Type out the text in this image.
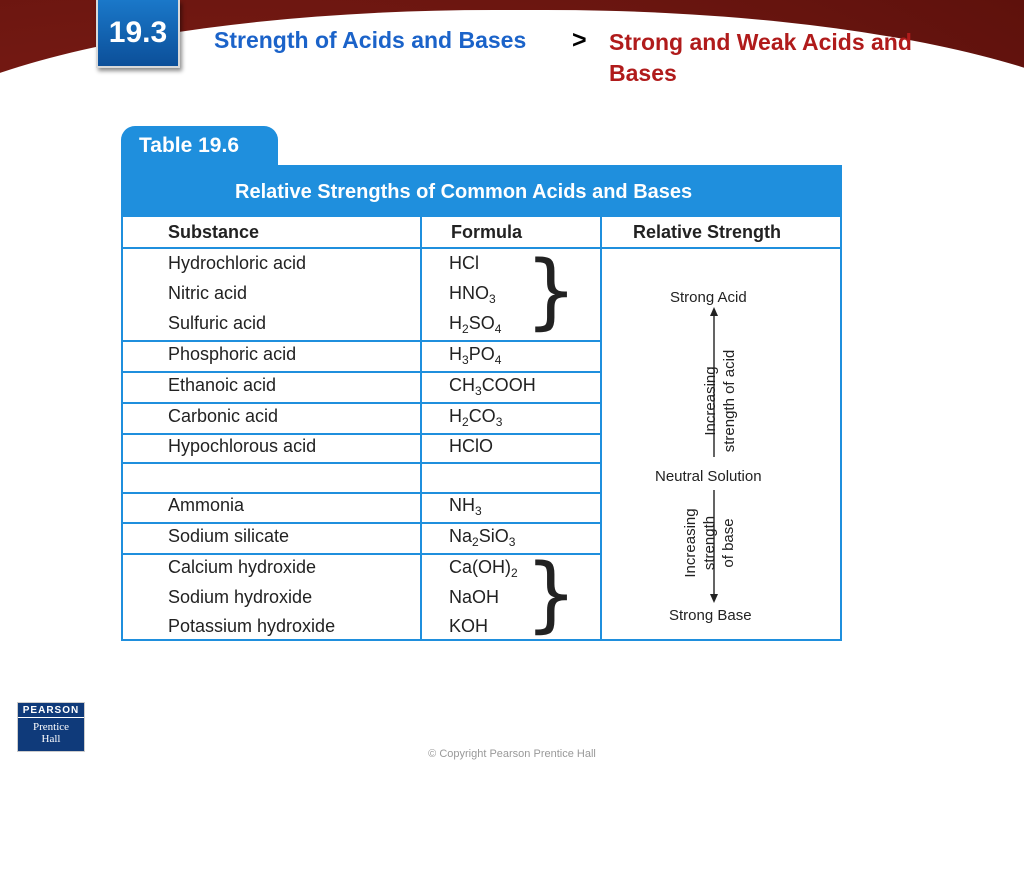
19.3	Strength of Acids and Bases > Strong and Weak Acids and Bases
Table 19.6
Relative Strengths of Common Acids and Bases
Substance	Formula	Relative Strength
Hydrochloric acid	HCl
Nitric acid	$HNO_3$
Sulfuric acid	$H_2SO_4$
Phosphoric acid	$H_3PO_4$
Ethanoic acid	$CH_3COOH$
Carbonic acid	$H_2CO_3$
Hypochlorous acid	HClO
Ammonia	$NH_3$
Sodium silicate	$Na_2SiO_3$
Calcium hydroxide	$Ca(OH)_2$
Sodium hydroxide	NaOH
Potassium hydroxide	KOH
}
}
Strong Acid
Increasing strength of acid
Neutral Solution
Increasing strength of base
Strong Base
PEARSON
Prentice
Hall
© Copyright Pearson Prentice Hall
Slide
9 of 27
